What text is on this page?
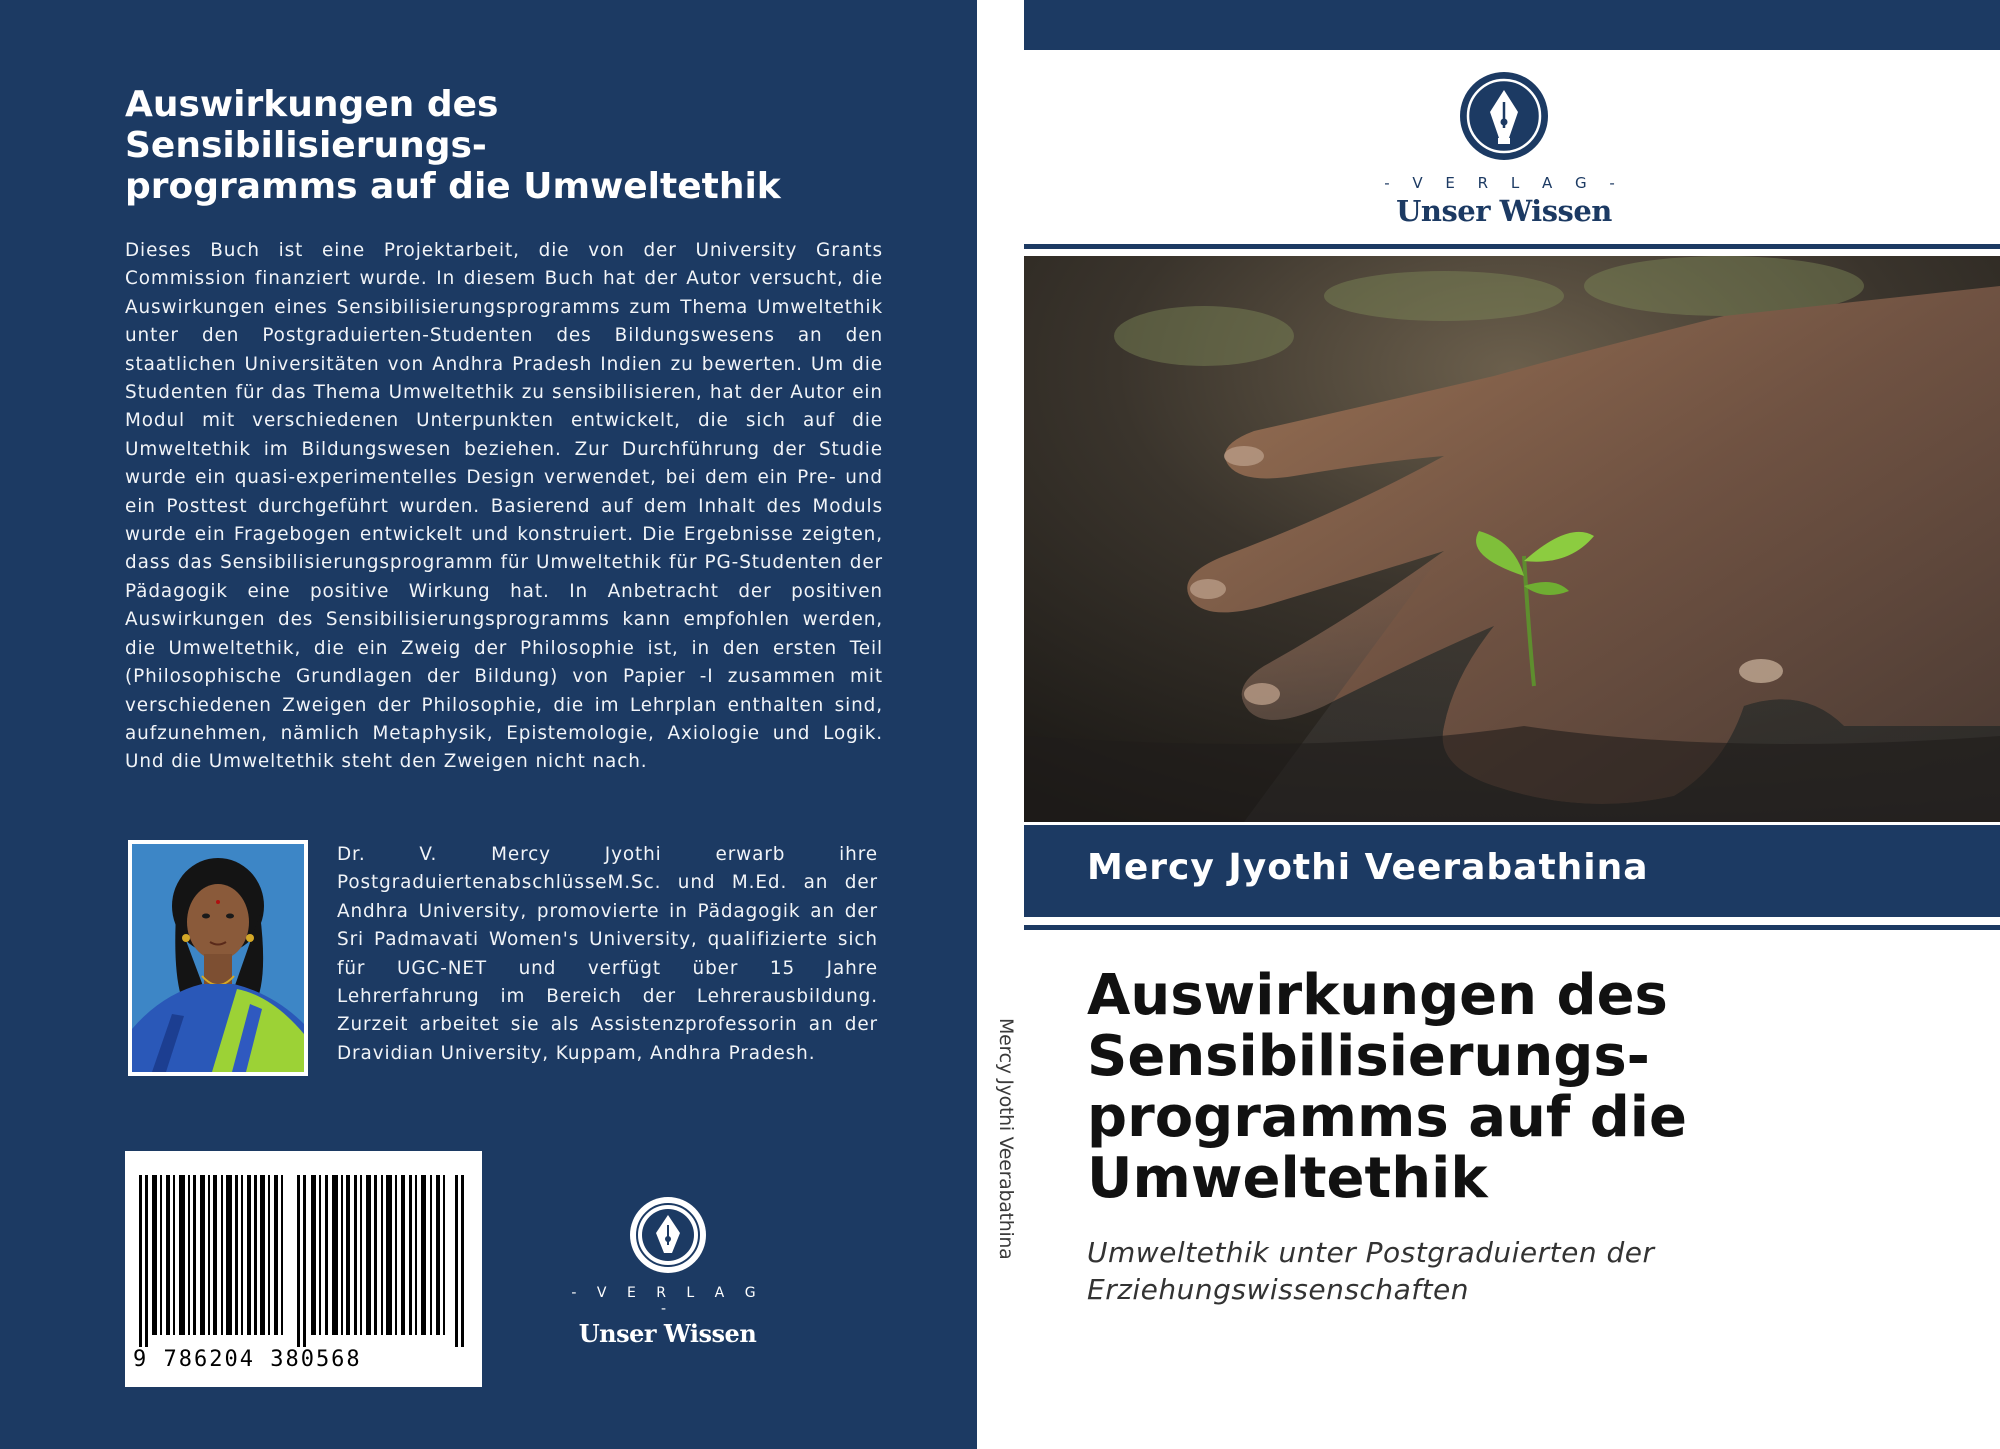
Auswirkungen des
Sensibilisierungs-
programms auf die Umweltethik

Dieses Buch ist eine Projektarbeit, die von der University Grants Commission finanziert wurde. In diesem Buch hat der Autor versucht, die Auswirkungen eines Sensibilisierungsprogramms zum Thema Umweltethik unter den Postgraduierten-Studenten des Bildungswesens an den staatlichen Universitäten von Andhra Pradesh Indien zu bewerten. Um die Studenten für das Thema Umweltethik zu sensibilisieren, hat der Autor ein Modul mit verschiedenen Unterpunkten entwickelt, die sich auf die Umweltethik im Bildungswesen beziehen. Zur Durchführung der Studie wurde ein quasi-experimentelles Design verwendet, bei dem ein Pre- und ein Posttest durchgeführt wurden. Basierend auf dem Inhalt des Moduls wurde ein Fragebogen entwickelt und konstruiert. Die Ergebnisse zeigten, dass das Sensibilisierungsprogramm für Umweltethik für PG-Studenten der Pädagogik eine positive Wirkung hat. In Anbetracht der positiven Auswirkungen des Sensibilisierungsprogramms kann empfohlen werden, die Umweltethik, die ein Zweig der Philosophie ist, in den ersten Teil (Philosophische Grundlagen der Bildung) von Papier -I zusammen mit verschiedenen Zweigen der Philosophie, die im Lehrplan enthalten sind, aufzunehmen, nämlich Metaphysik, Epistemologie, Axiologie und Logik. Und die Umweltethik steht den Zweigen nicht nach.

Dr. V. Mercy Jyothi erwarb ihre PostgraduiertenabschlüsseM.Sc. und M.Ed. an der Andhra University, promovierte in Pädagogik an der Sri Padmavati Women's University, qualifizierte sich für UGC-NET und verfügt über 15 Jahre Lehrerfahrung im Bereich der Lehrerausbildung. Zurzeit arbeitet sie als Assistenzprofessorin an der Dravidian University, Kuppam, Andhra Pradesh.

9 786204 380568
- V E R L A G -
Unser Wissen
Mercy Jyothi Veerabathina
- V E R L A G -
Unser Wissen
Mercy Jyothi Veerabathina
Auswirkungen des
Sensibilisierungs-
programms auf die
Umweltethik

Umweltethik unter Postgraduierten der
Erziehungswissenschaften
